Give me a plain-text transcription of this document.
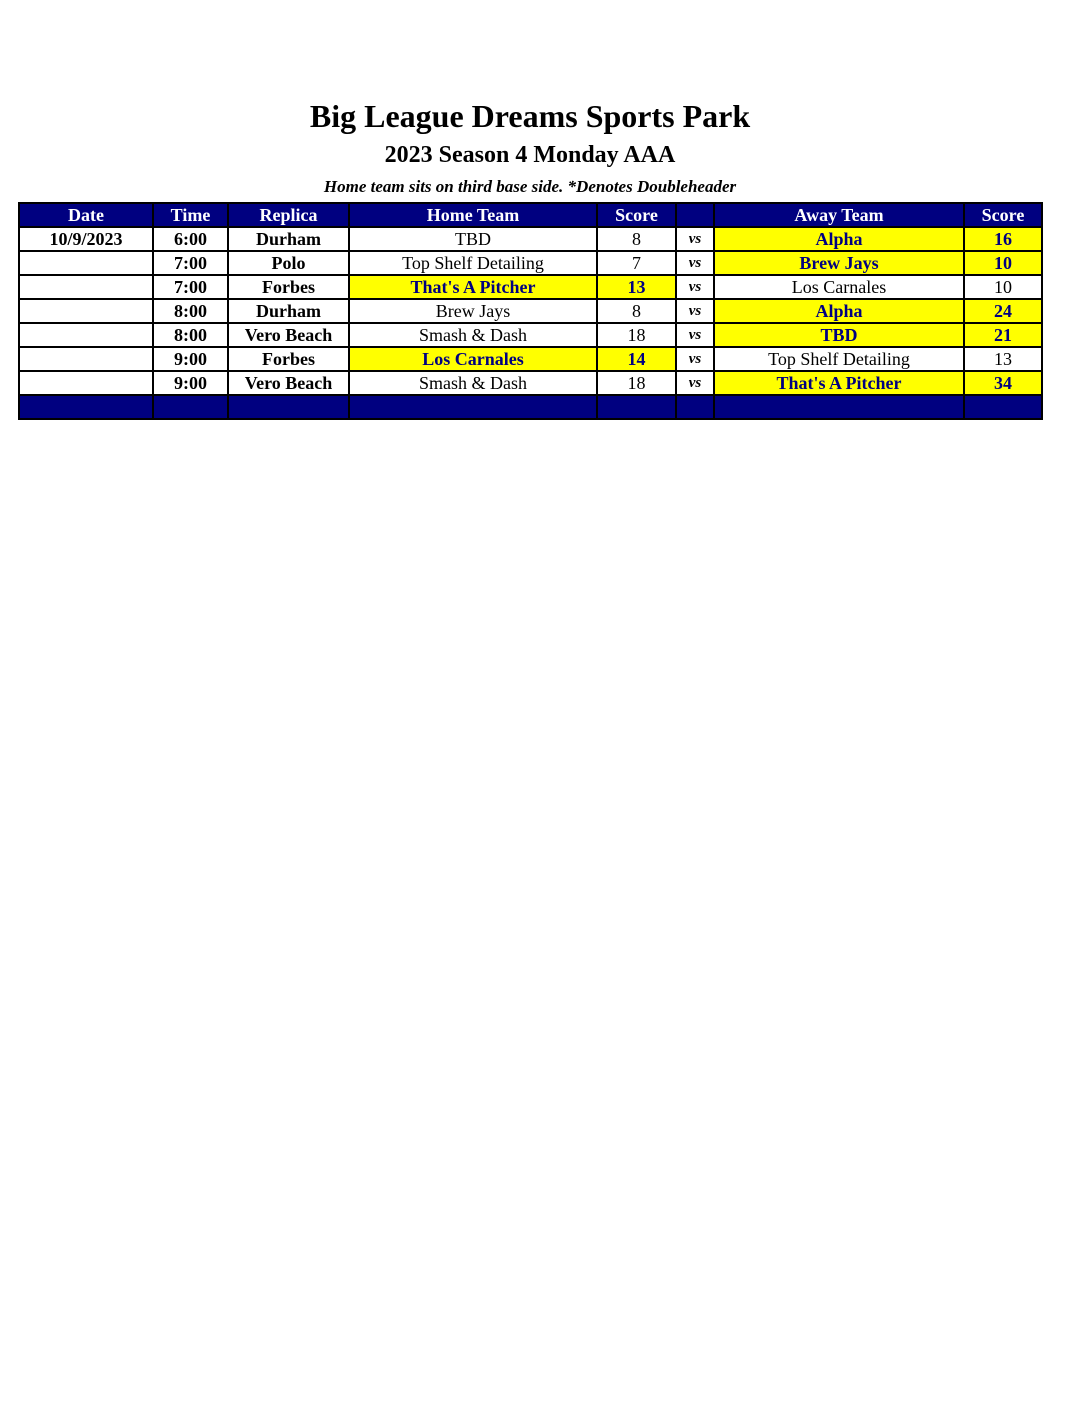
Big League Dreams Sports Park
2023 Season 4 Monday AAA
Home team sits on third base side. *Denotes Doubleheader
Date	Time	Replica	Home Team	Score		Away Team	Score
10/9/2023	6:00	Durham	TBD	8	vs	Alpha	16
	7:00	Polo	Top Shelf Detailing	7	vs	Brew Jays	10
	7:00	Forbes	That's A Pitcher	13	vs	Los Carnales	10
	8:00	Durham	Brew Jays	8	vs	Alpha	24
	8:00	Vero Beach	Smash & Dash	18	vs	TBD	21
	9:00	Forbes	Los Carnales	14	vs	Top Shelf Detailing	13
	9:00	Vero Beach	Smash & Dash	18	vs	That's A Pitcher	34
